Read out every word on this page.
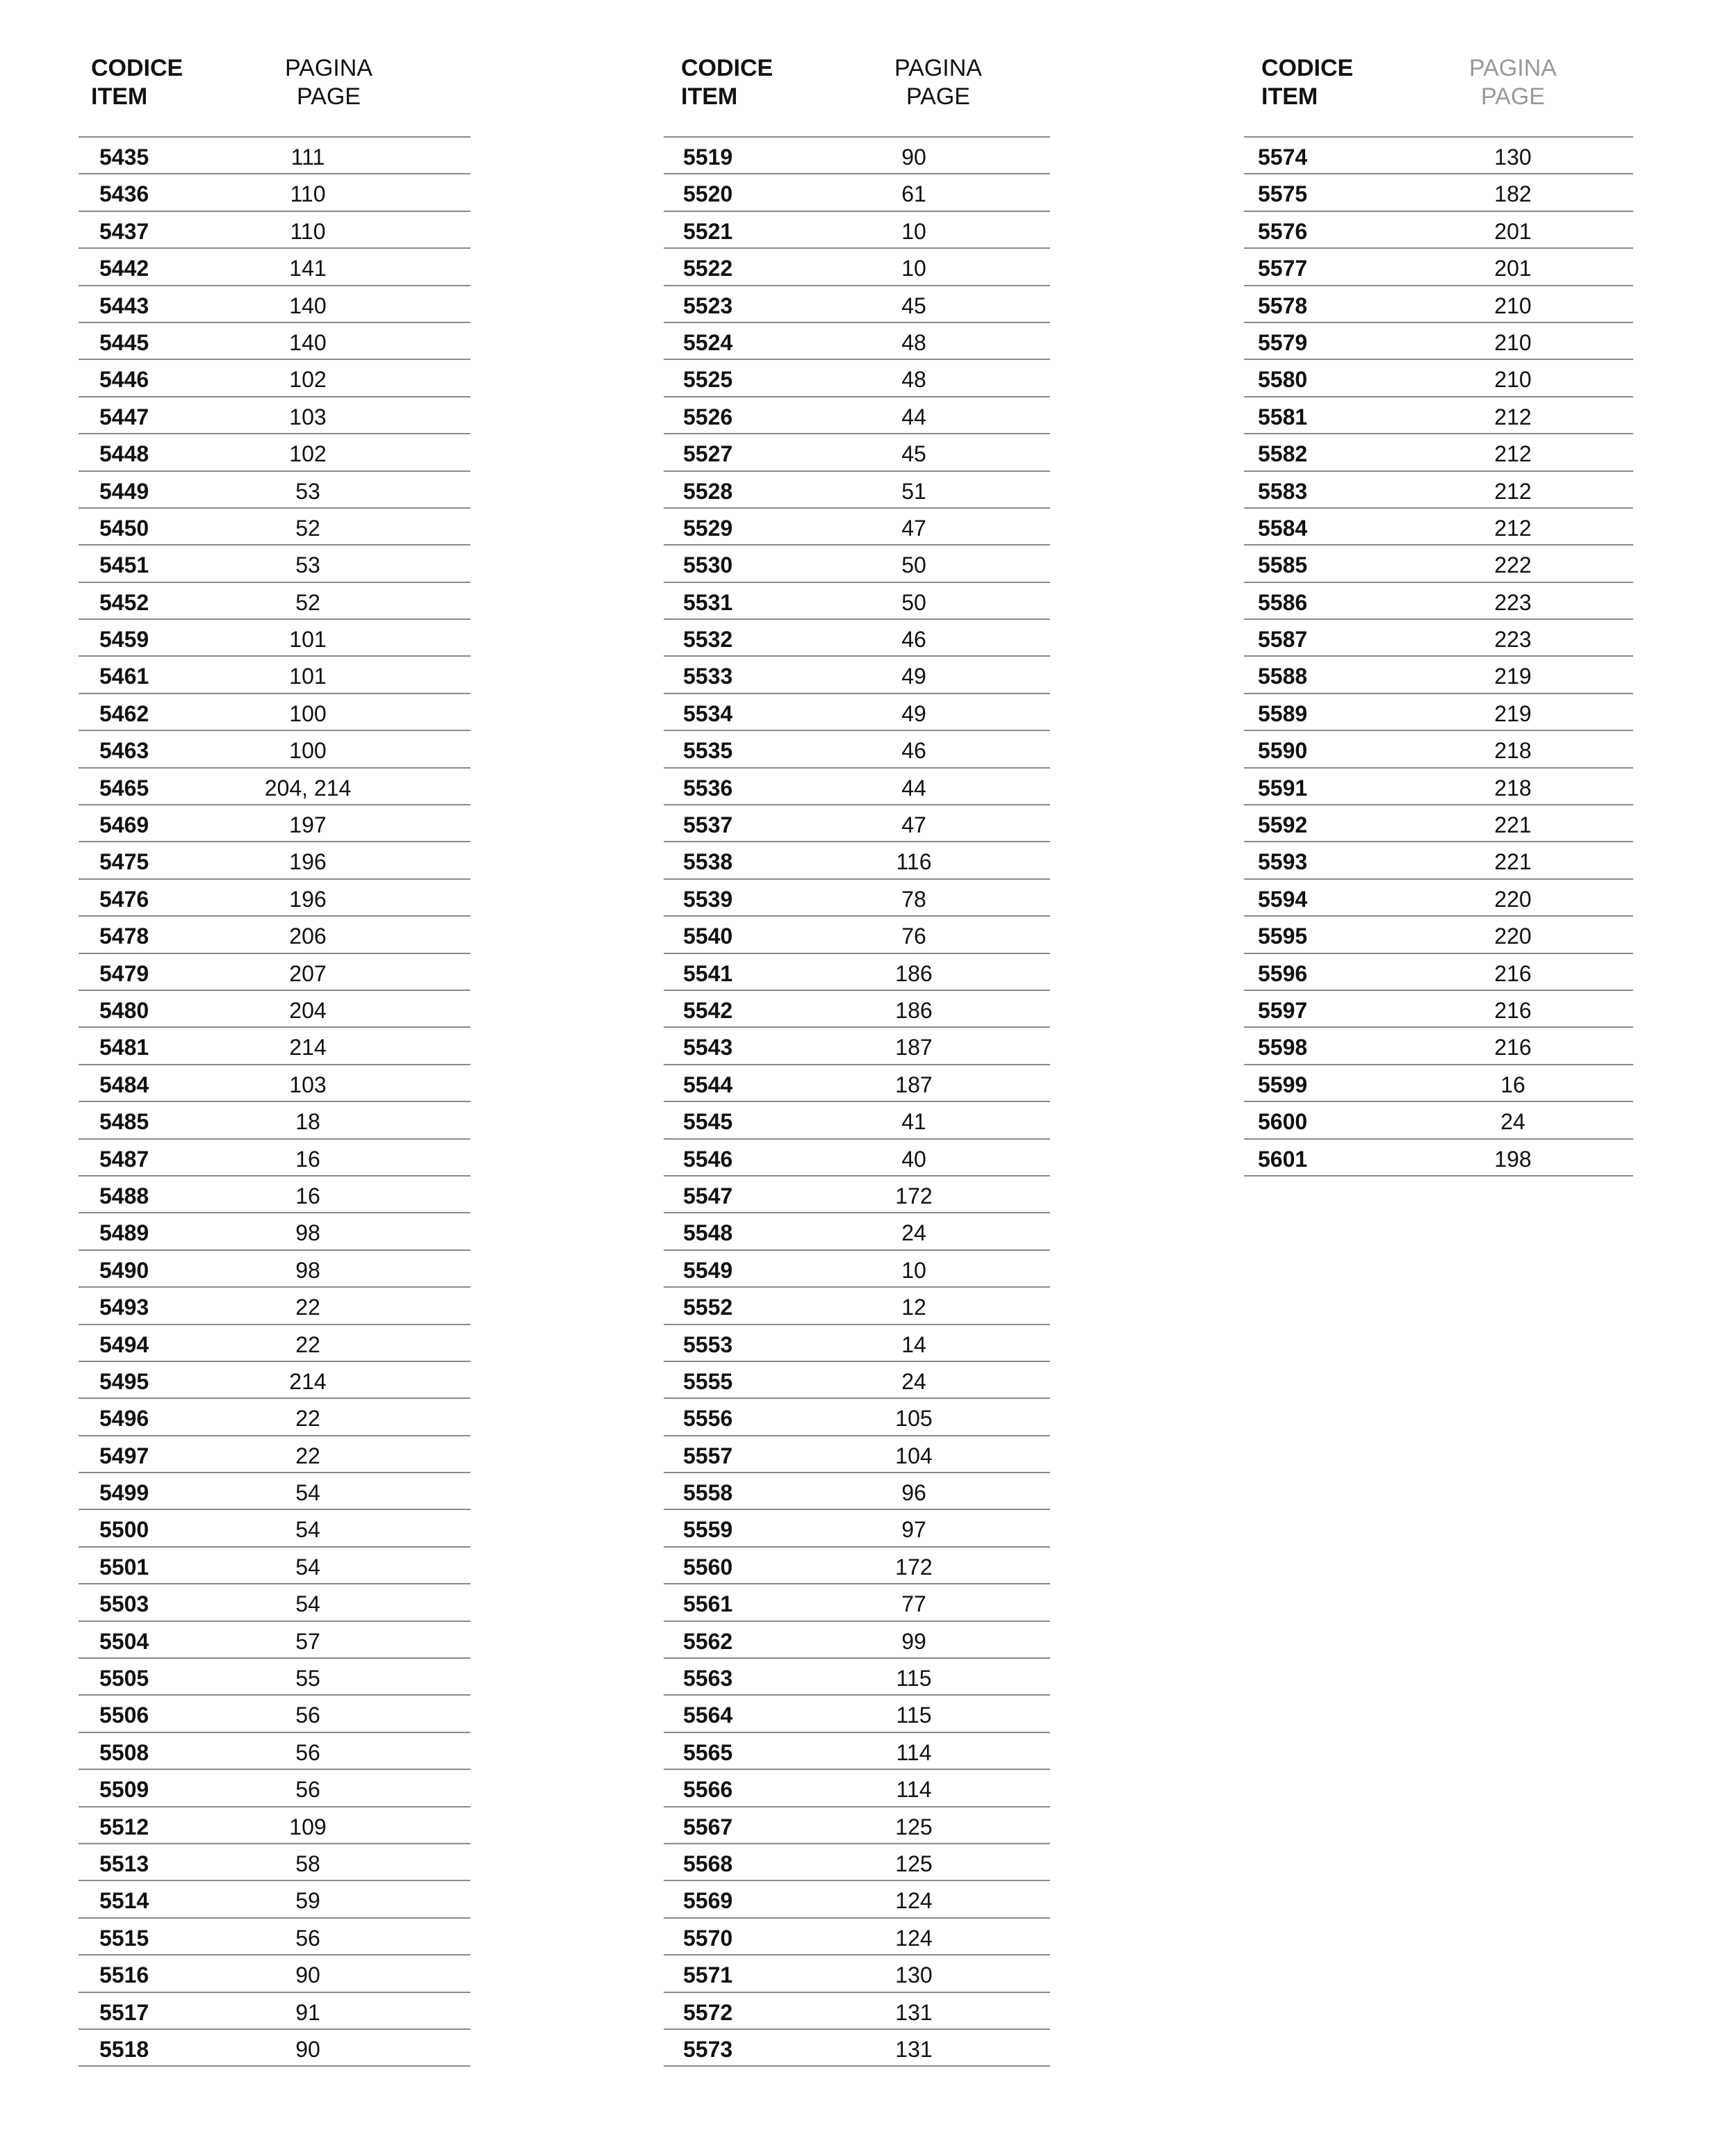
CODICE
ITEM
PAGINA
PAGE
5435	111
5436	110
5437	110
5442	141
5443	140
5445	140
5446	102
5447	103
5448	102
5449	53
5450	52
5451	53
5452	52
5459	101
5461	101
5462	100
5463	100
5465	204, 214
5469	197
5475	196
5476	196
5478	206
5479	207
5480	204
5481	214
5484	103
5485	18
5487	16
5488	16
5489	98
5490	98
5493	22
5494	22
5495	214
5496	22
5497	22
5499	54
5500	54
5501	54
5503	54
5504	57
5505	55
5506	56
5508	56
5509	56
5512	109
5513	58
5514	59
5515	56
5516	90
5517	91
5518	90
CODICE
ITEM
PAGINA
PAGE
5519	90
5520	61
5521	10
5522	10
5523	45
5524	48
5525	48
5526	44
5527	45
5528	51
5529	47
5530	50
5531	50
5532	46
5533	49
5534	49
5535	46
5536	44
5537	47
5538	116
5539	78
5540	76
5541	186
5542	186
5543	187
5544	187
5545	41
5546	40
5547	172
5548	24
5549	10
5552	12
5553	14
5555	24
5556	105
5557	104
5558	96
5559	97
5560	172
5561	77
5562	99
5563	115
5564	115
5565	114
5566	114
5567	125
5568	125
5569	124
5570	124
5571	130
5572	131
5573	131
CODICE
ITEM
PAGINA
PAGE
5574	130
5575	182
5576	201
5577	201
5578	210
5579	210
5580	210
5581	212
5582	212
5583	212
5584	212
5585	222
5586	223
5587	223
5588	219
5589	219
5590	218
5591	218
5592	221
5593	221
5594	220
5595	220
5596	216
5597	216
5598	216
5599	16
5600	24
5601	198
